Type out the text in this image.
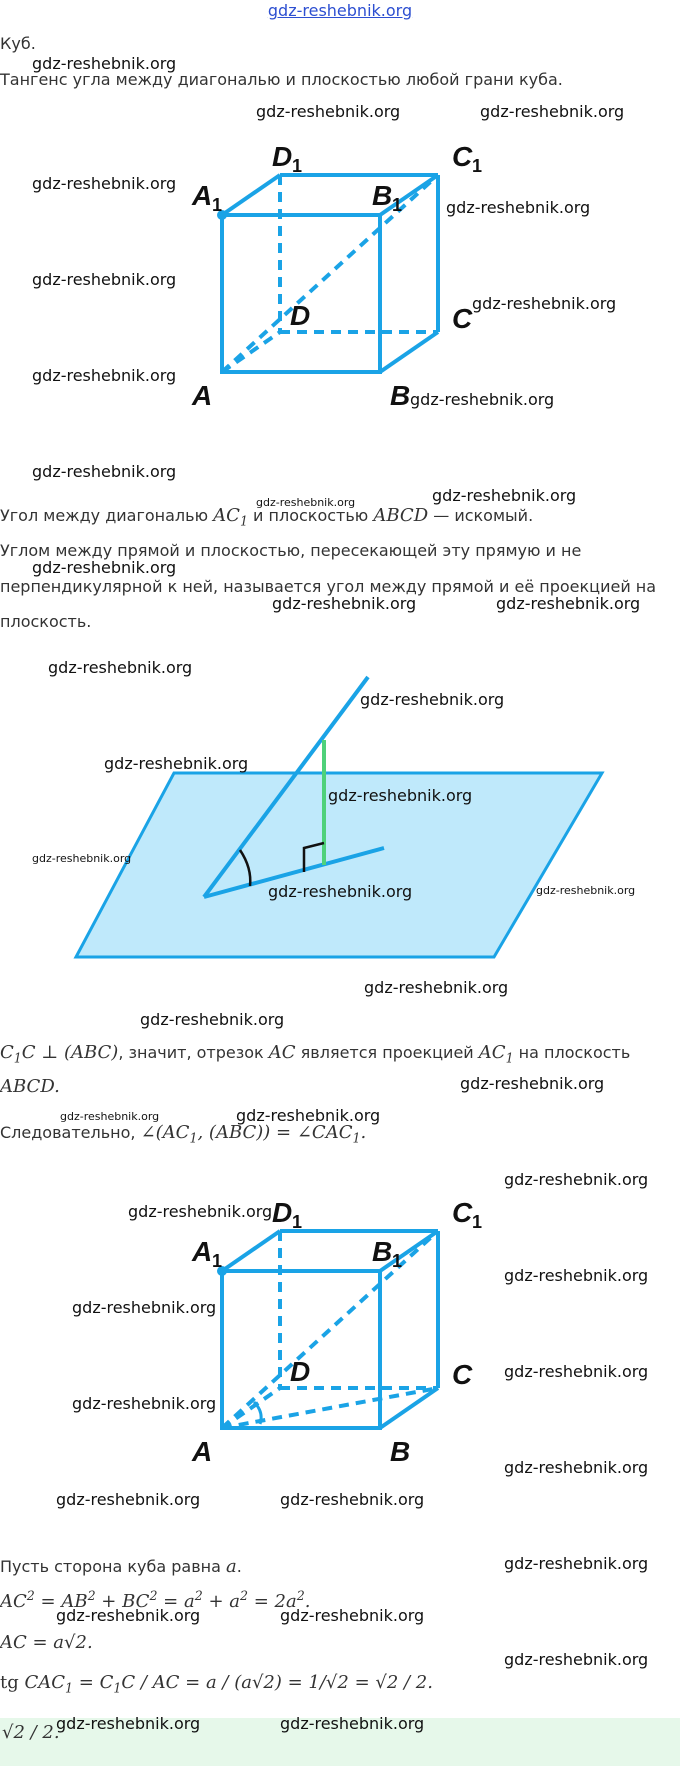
gdz-reshebnik.org
Куб.
Тангенс угла между диагональю и плоскостью любой грани куба.
D 1	C 1
A 1	B 1
D	C
A	B
D 1	C 1
A 1	B 1
D	C
A	B
Угол между диагональю $AC_1$ и плоскостью ABCD — искомый.
Углом между прямой и плоскостью, пересекающей эту прямую и не
перпендикулярной к ней, называется угол между прямой и её проекцией на
плоскость.
$C_1C$ ⊥ (ABC), значит, отрезок AC является проекцией $AC_1$ на плоскость
ABCD.
Следовательно, $\angle(AC_1$, $(ABC)) = \angle CAC_1$.
Пусть сторона куба равна a.
$AC^2 = AB^2 + BC^2 = a^2 + a^2 = 2a^2$.
AC = a√2.
tg $CAC_1 = C_1C$ / AC = a / (a√2) = 1/√2 = √2 / 2.
√2 / 2.
gdz-reshebnik.org
gdz-reshebnik.org	gdz-reshebnik.org
gdz-reshebnik.org
gdz-reshebnik.org
gdz-reshebnik.org
gdz-reshebnik.org
gdz-reshebnik.org
gdz-reshebnik.org
gdz-reshebnik.org
gdz-reshebnik.org	gdz-reshebnik.org
gdz-reshebnik.org
gdz-reshebnik.org	gdz-reshebnik.org
gdz-reshebnik.org
gdz-reshebnik.org
gdz-reshebnik.org
gdz-reshebnik.org
gdz-reshebnik.org
gdz-reshebnik.org	gdz-reshebnik.org
gdz-reshebnik.org
gdz-reshebnik.org
gdz-reshebnik.org
gdz-reshebnik.org	gdz-reshebnik.org
gdz-reshebnik.org
gdz-reshebnik.org
gdz-reshebnik.org
gdz-reshebnik.org
gdz-reshebnik.org
gdz-reshebnik.org
gdz-reshebnik.org
gdz-reshebnik.org	gdz-reshebnik.org
gdz-reshebnik.org
gdz-reshebnik.org	gdz-reshebnik.org
gdz-reshebnik.org
gdz-reshebnik.org	gdz-reshebnik.org
